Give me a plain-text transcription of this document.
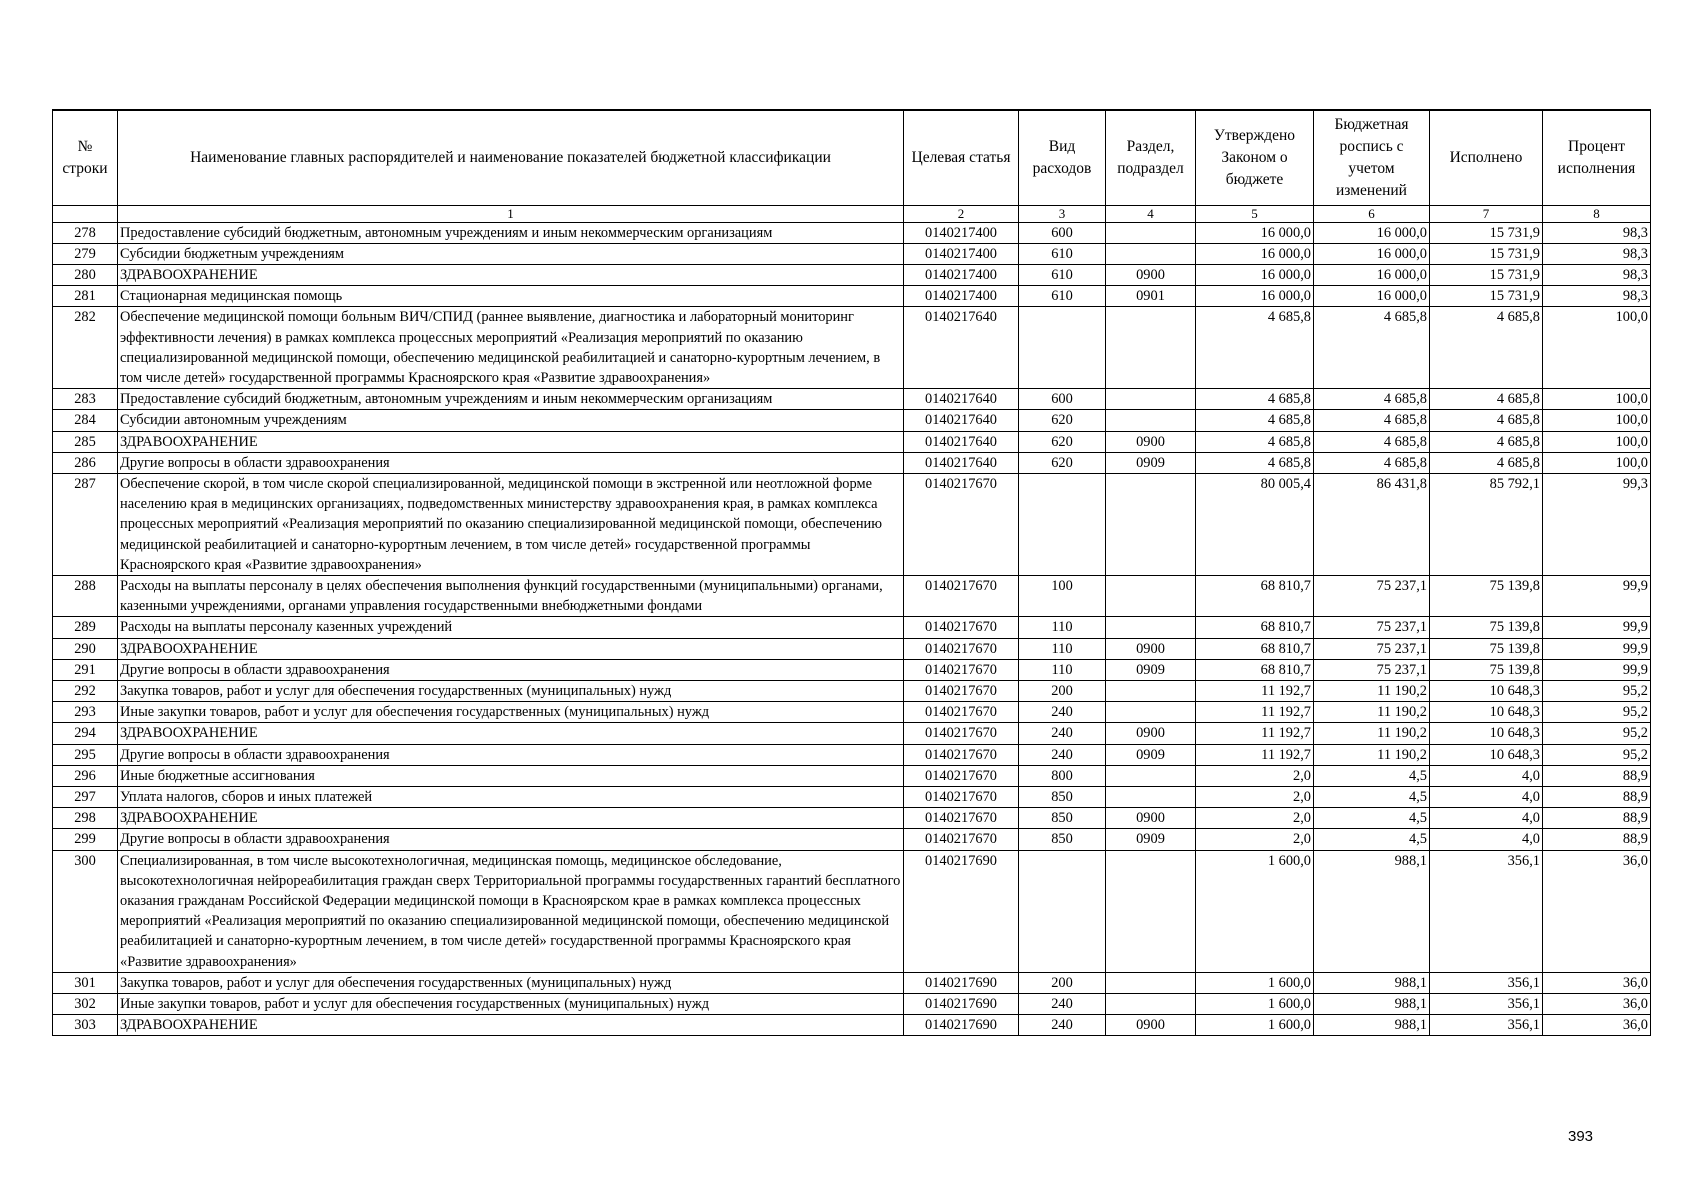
№ строки	Наименование главных распорядителей и наименование показателей бюджетной классификации	Целевая статья	Вид расходов	Раздел, подраздел	Утверждено Законом о бюджете	Бюджетная роспись с учетом изменений	Исполнено	Процент исполнения
	1	2	3	4	5	6	7	8
278	Предоставление субсидий бюджетным, автономным учреждениям и иным некоммерческим организациям	0140217400	600		16 000,0	16 000,0	15 731,9	98,3
279	Субсидии бюджетным учреждениям	0140217400	610		16 000,0	16 000,0	15 731,9	98,3
280	ЗДРАВООХРАНЕНИЕ	0140217400	610	0900	16 000,0	16 000,0	15 731,9	98,3
281	Стационарная медицинская помощь	0140217400	610	0901	16 000,0	16 000,0	15 731,9	98,3
282	Обеспечение медицинской помощи больным ВИЧ/СПИД (раннее выявление, диагностика и лабораторный мониторинг эффективности лечения) в рамках комплекса процессных мероприятий «Реализация мероприятий по оказанию специализированной медицинской помощи, обеспечению медицинской реабилитацией и санаторно-курортным лечением, в том числе детей» государственной программы Красноярского края «Развитие здравоохранения»	0140217640			4 685,8	4 685,8	4 685,8	100,0
283	Предоставление субсидий бюджетным, автономным учреждениям и иным некоммерческим организациям	0140217640	600		4 685,8	4 685,8	4 685,8	100,0
284	Субсидии автономным учреждениям	0140217640	620		4 685,8	4 685,8	4 685,8	100,0
285	ЗДРАВООХРАНЕНИЕ	0140217640	620	0900	4 685,8	4 685,8	4 685,8	100,0
286	Другие вопросы в области здравоохранения	0140217640	620	0909	4 685,8	4 685,8	4 685,8	100,0
287	Обеспечение скорой, в том числе скорой специализированной, медицинской помощи в экстренной или неотложной форме населению края в медицинских организациях, подведомственных министерству здравоохранения края, в рамках комплекса процессных мероприятий «Реализация мероприятий по оказанию специализированной медицинской помощи, обеспечению медицинской реабилитацией и санаторно-курортным лечением, в том числе детей» государственной программы Красноярского края «Развитие здравоохранения»	0140217670			80 005,4	86 431,8	85 792,1	99,3
288	Расходы на выплаты персоналу в целях обеспечения выполнения функций государственными (муниципальными) органами, казенными учреждениями, органами управления государственными внебюджетными фондами	0140217670	100		68 810,7	75 237,1	75 139,8	99,9
289	Расходы на выплаты персоналу казенных учреждений	0140217670	110		68 810,7	75 237,1	75 139,8	99,9
290	ЗДРАВООХРАНЕНИЕ	0140217670	110	0900	68 810,7	75 237,1	75 139,8	99,9
291	Другие вопросы в области здравоохранения	0140217670	110	0909	68 810,7	75 237,1	75 139,8	99,9
292	Закупка товаров, работ и услуг для обеспечения государственных (муниципальных) нужд	0140217670	200		11 192,7	11 190,2	10 648,3	95,2
293	Иные закупки товаров, работ и услуг для обеспечения государственных (муниципальных) нужд	0140217670	240		11 192,7	11 190,2	10 648,3	95,2
294	ЗДРАВООХРАНЕНИЕ	0140217670	240	0900	11 192,7	11 190,2	10 648,3	95,2
295	Другие вопросы в области здравоохранения	0140217670	240	0909	11 192,7	11 190,2	10 648,3	95,2
296	Иные бюджетные ассигнования	0140217670	800		2,0	4,5	4,0	88,9
297	Уплата налогов, сборов и иных платежей	0140217670	850		2,0	4,5	4,0	88,9
298	ЗДРАВООХРАНЕНИЕ	0140217670	850	0900	2,0	4,5	4,0	88,9
299	Другие вопросы в области здравоохранения	0140217670	850	0909	2,0	4,5	4,0	88,9
300	Специализированная, в том числе высокотехнологичная, медицинская помощь, медицинское обследование, высокотехнологичная нейрореабилитация граждан сверх Территориальной программы государственных гарантий бесплатного оказания гражданам Российской Федерации медицинской помощи в Красноярском крае в рамках комплекса процессных мероприятий «Реализация мероприятий по оказанию специализированной медицинской помощи, обеспечению медицинской реабилитацией и санаторно-курортным лечением, в том числе детей» государственной программы Красноярского края «Развитие здравоохранения»	0140217690			1 600,0	988,1	356,1	36,0
301	Закупка товаров, работ и услуг для обеспечения государственных (муниципальных) нужд	0140217690	200		1 600,0	988,1	356,1	36,0
302	Иные закупки товаров, работ и услуг для обеспечения государственных (муниципальных) нужд	0140217690	240		1 600,0	988,1	356,1	36,0
303	ЗДРАВООХРАНЕНИЕ	0140217690	240	0900	1 600,0	988,1	356,1	36,0
393
